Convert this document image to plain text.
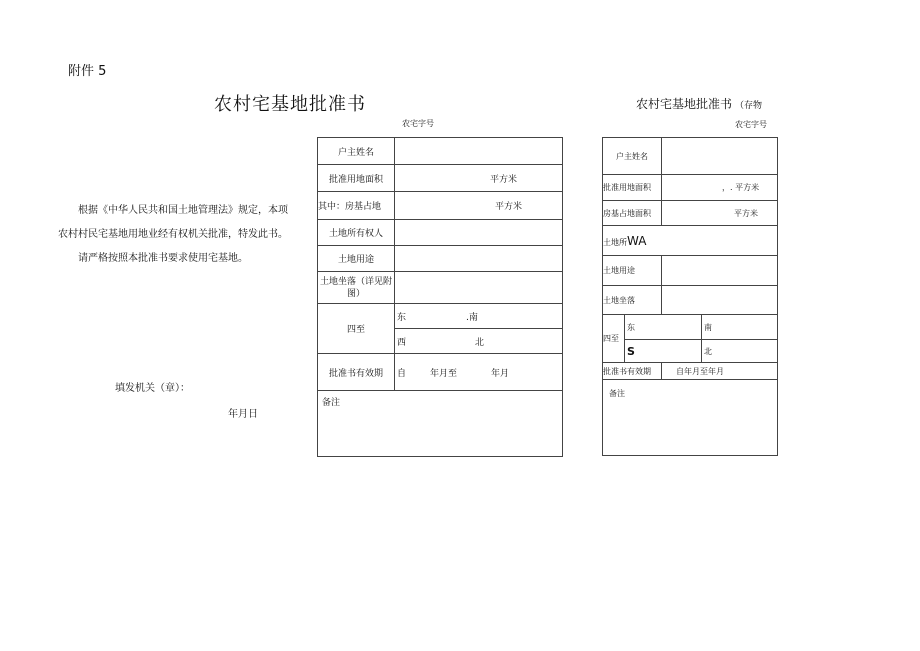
附件 5
农村宅基地批准书	农村宅基地批准书 （存物
农宅字号	农宅字号
根据《中华人民共和国土地管理法》规定，本项
农村村民宅基地用地业经有权机关批准，特发此书。
请严格按照本批准书要求使用宅基地。
填发机关（章）：
年月日
户主姓名	
批准用地面积	平方米
其中：房基占地	平方米
土地所有权人	
土地用途	
土地坐落（详见附图）	
四至	东 .南
	西 北
批准书有效期	自 年月至 年月
备注	
户主姓名			
批准用地面积		，. 平方米	
房基占地面积		平方米	
土地所WA			
土地用途			
土地坐落			
四至	东		南
	S		北
批准书有效期		自年月至年月	
备注			
